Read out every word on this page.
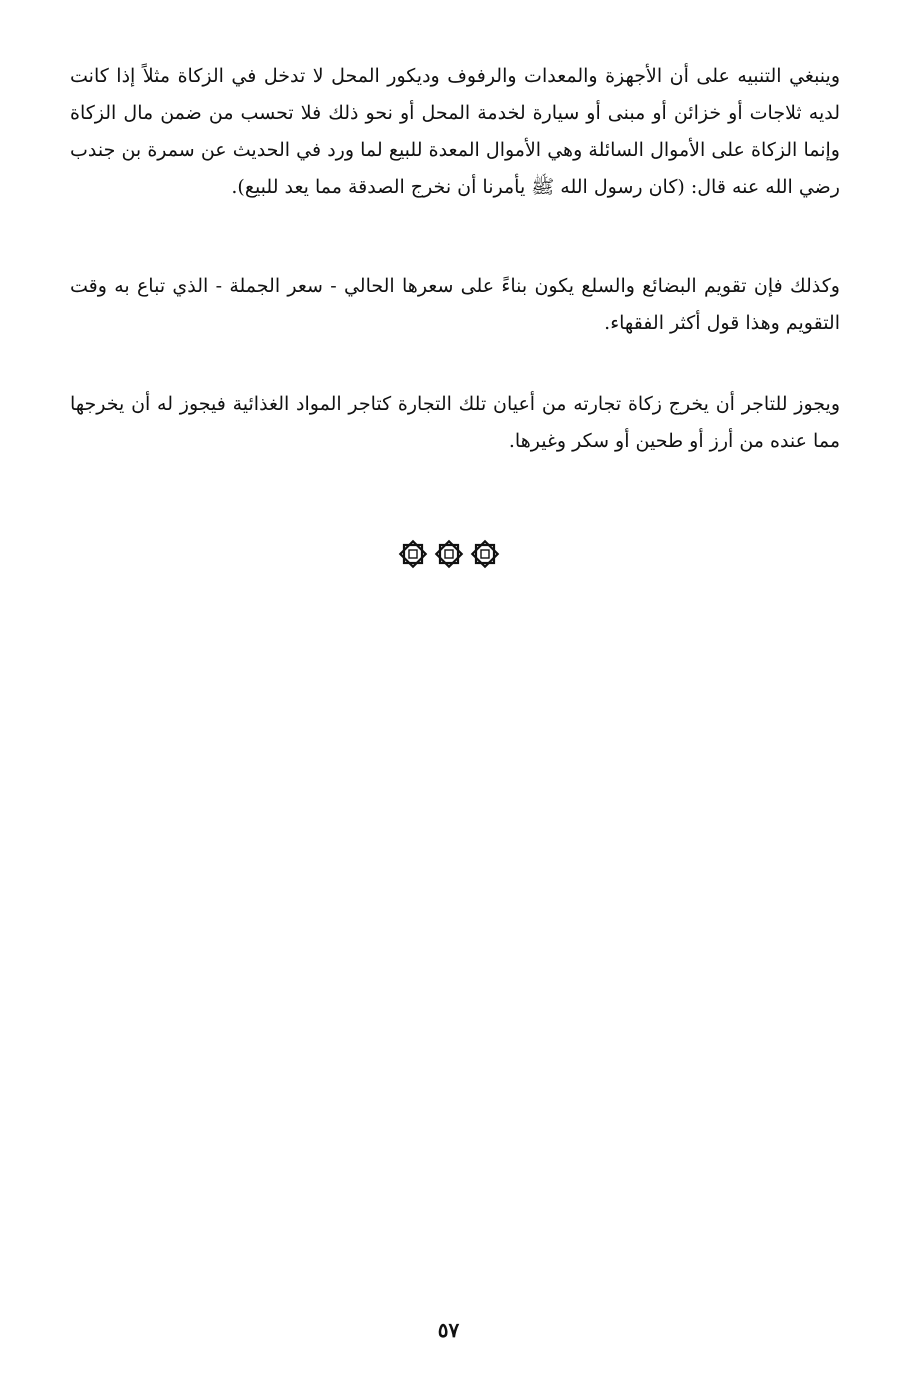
وينبغي التنبيه على أن الأجهزة والمعدات والرفوف وديكور المحل لا تدخل في الزكاة مثلاً إذا كانت لديه ثلاجات أو خزائن أو مبنى أو سيارة لخدمة المحل أو نحو ذلك فلا تحسب من ضمن مال الزكاة وإنما الزكاة على الأموال السائلة وهي الأموال المعدة للبيع لما ورد في الحديث عن سمرة بن جندب رضي الله عنه قال: (كان رسول الله ﷺ يأمرنا أن نخرج الصدقة مما يعد للبيع).

وكذلك فإن تقويم البضائع والسلع يكون بناءً على سعرها الحالي - سعر الجملة - الذي تباع به وقت التقويم وهذا قول أكثر الفقهاء.

ويجوز للتاجر أن يخرج زكاة تجارته من أعيان تلك التجارة كتاجر المواد الغذائية فيجوز له أن يخرجها مما عنده من أرز أو طحين أو سكر وغيرها.

٥٧
